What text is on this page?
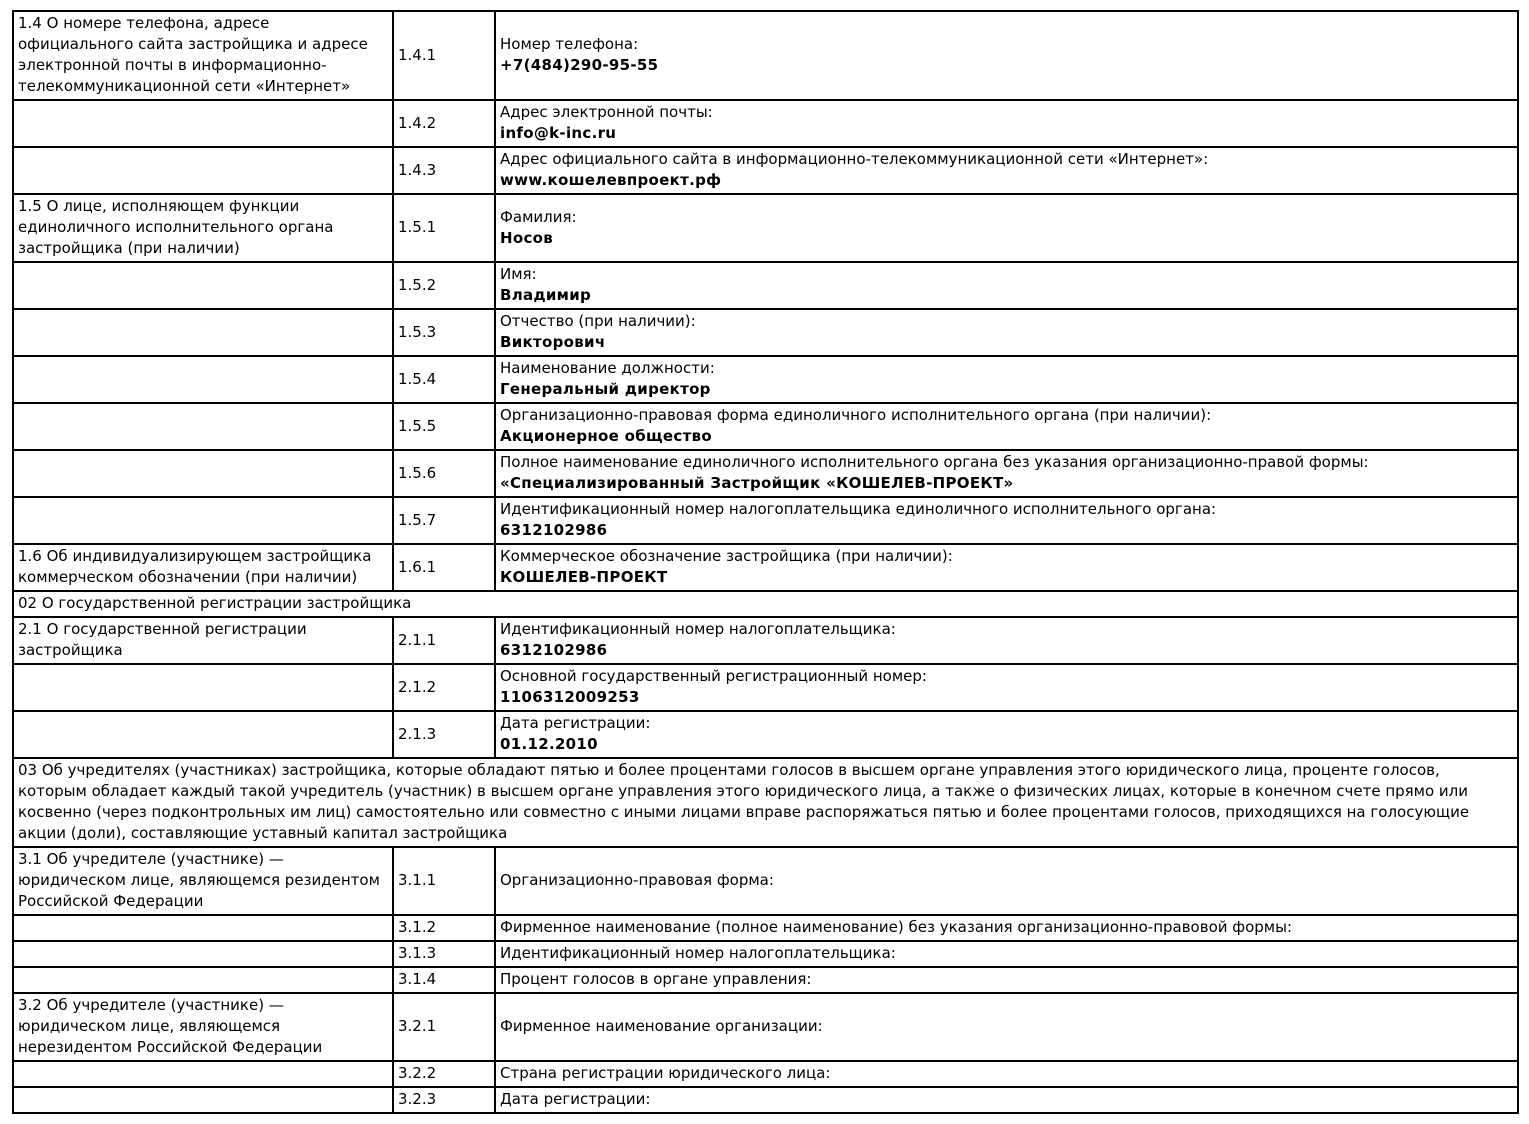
1.4 О номере телефона, адресе официального сайта застройщика и адресе электронной почты в информационно-телекоммуникационной сети «Интернет»	1.4.1	Номер телефона:
+7(484)290-95-55

	1.4.2	Адрес электронной почты:
info@k-inc.ru

	1.4.3	Адрес официального сайта в информационно-телекоммуникационной сети «Интернет»:
www.кошелевпроект.рф

1.5 О лице, исполняющем функции единоличного исполнительного органа застройщика (при наличии)	1.5.1	Фамилия:
Носов

	1.5.2	Имя:
Владимир

	1.5.3	Отчество (при наличии):
Викторович

	1.5.4	Наименование должности:
Генеральный директор

	1.5.5	Организационно-правовая форма единоличного исполнительного органа (при наличии):
Акционерное общество

	1.5.6	Полное наименование единоличного исполнительного органа без указания организационно-правой формы:
«Специализированный Застройщик «КОШЕЛЕВ-ПРОЕКТ»

	1.5.7	Идентификационный номер налогоплательщика единоличного исполнительного органа:
6312102986

1.6 Об индивидуализирующем застройщика коммерческом обозначении (при наличии)	1.6.1	Коммерческое обозначение застройщика (при наличии):
КОШЕЛЕВ-ПРОЕКТ

02 О государственной регистрации застройщика		
2.1 О государственной регистрации застройщика	2.1.1	Идентификационный номер налогоплательщика:
6312102986

	2.1.2	Основной государственный регистрационный номер:
1106312009253

	2.1.3	Дата регистрации:
01.12.2010

03 Об учредителях (участниках) застройщика, которые обладают пятью и более процентами голосов в высшем органе управления этого юридического лица, проценте голосов, которым обладает каждый такой учредитель (участник) в высшем органе управления этого юридического лица, а также о физических лицах, которые в конечном счете прямо или косвенно (через подконтрольных им лиц) самостоятельно или совместно с иными лицами вправе распоряжаться пятью и более процентами голосов, приходящихся на голосующие акции (доли), составляющие уставный капитал застройщика		
3.1 Об учредителе (участнике) — юридическом лице, являющемся резидентом Российской Федерации	3.1.1	Организационно-правовая форма:

	3.1.2	Фирменное наименование (полное наименование) без указания организационно-правовой формы:

	3.1.3	Идентификационный номер налогоплательщика:

	3.1.4	Процент голосов в органе управления:

3.2 Об учредителе (участнике) — юридическом лице, являющемся нерезидентом Российской Федерации	3.2.1	Фирменное наименование организации:

	3.2.2	Страна регистрации юридического лица:

	3.2.3	Дата регистрации:
